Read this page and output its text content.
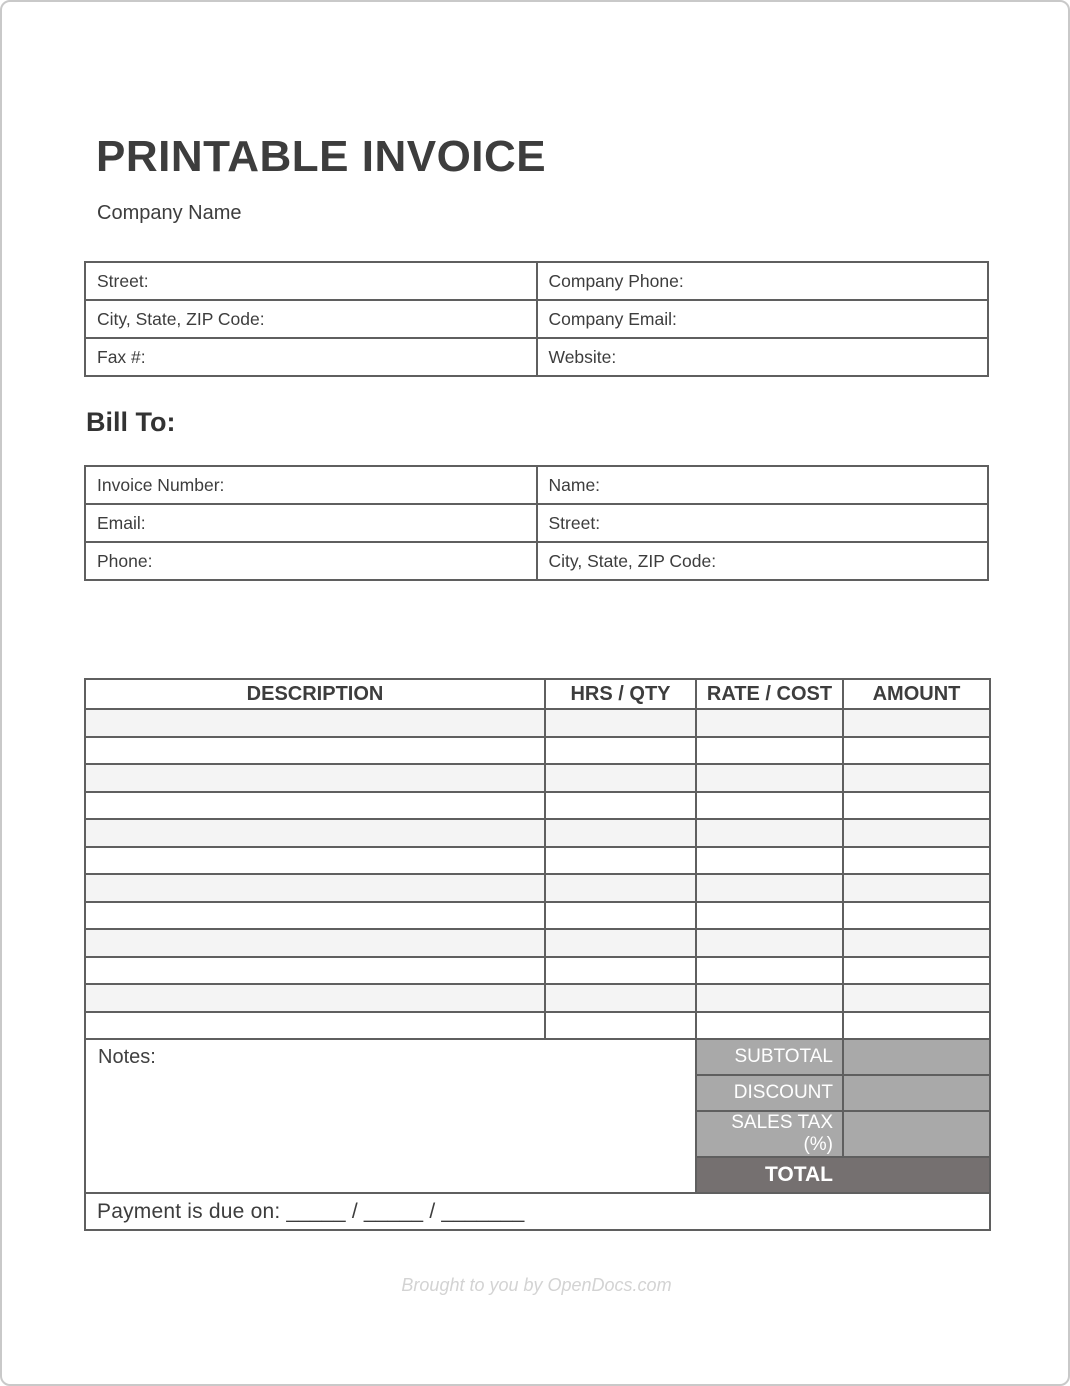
PRINTABLE INVOICE
Company Name
Street:	Company Phone:
City, State, ZIP Code:	Company Email:
Fax #:	Website:
Bill To:
Invoice Number:	Name:
Email:	Street:
Phone:	City, State, ZIP Code:
DESCRIPTION	HRS / QTY	RATE / COST	AMOUNT

Notes:		SUBTOTAL	
		DISCOUNT	
		SALES TAX (%)	
		TOTAL	
Payment is due on: _____ / _____ / _______			
Brought to you by OpenDocs.com
